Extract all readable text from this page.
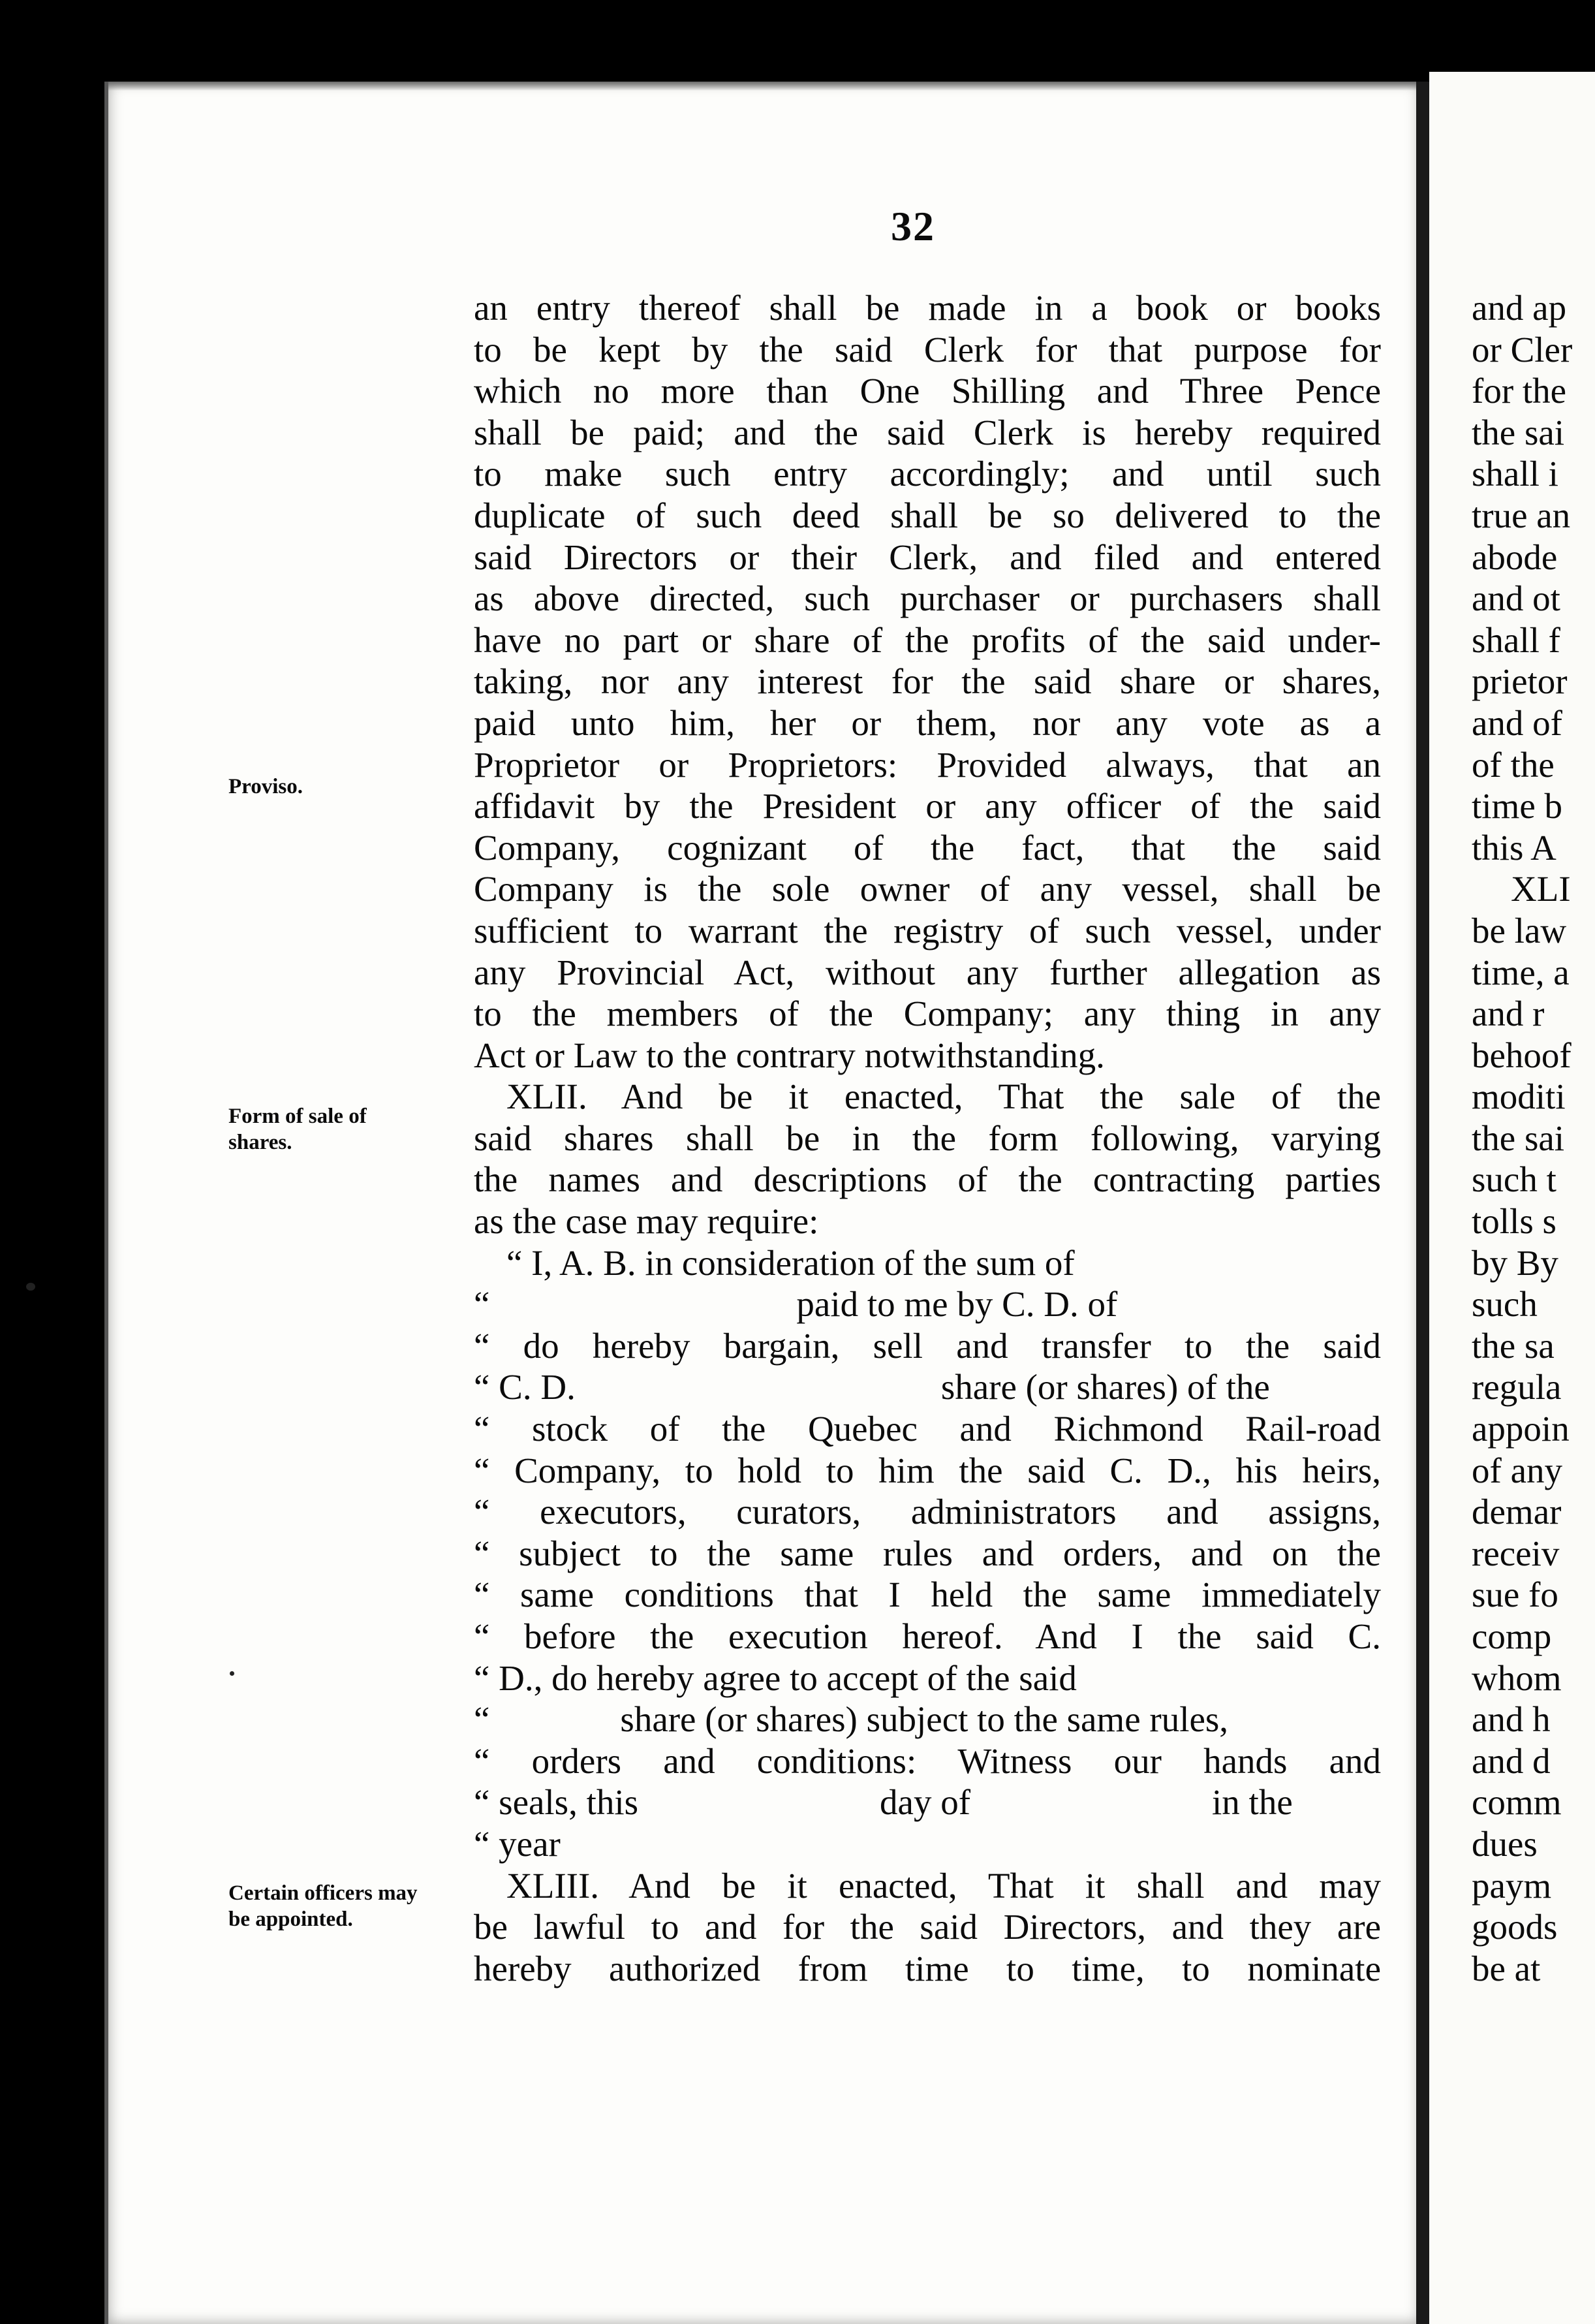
32
Proviso.
Form of sale of
shares.
Certain officers may
be appointed.
an entry thereof shall be made in a book or books
to be kept by the said Clerk for that purpose for
which no more than One Shilling and Three Pence
shall be paid; and the said Clerk is hereby required
to make such entry accordingly; and until such
duplicate of such deed shall be so delivered to the
said Directors or their Clerk, and filed and entered
as above directed, such purchaser or purchasers shall
have no part or share of the profits of the said under-
taking, nor any interest for the said share or shares,
paid unto him, her or them, nor any vote as a
Proprietor or Proprietors: Provided always, that an
affidavit by the President or any officer of the said
Company, cognizant of the fact, that the said
Company is the sole owner of any vessel, shall be
sufficient to warrant the registry of such vessel, under
any Provincial Act, without any further allegation as
to the members of the Company; any thing in any
Act or Law to the contrary notwithstanding.
XLII. And be it enacted, That the sale of the
said shares shall be in the form following, varying
the names and descriptions of the contracting parties
as the case may require:
“ I, A. B. in consideration of the sum of
“	paid to me by C. D. of
“ do hereby bargain, sell and transfer to the said
“ C. D.	share (or shares) of the
“ stock of the Quebec and Richmond Rail-road
“ Company, to hold to him the said C. D., his heirs,
“ executors, curators, administrators and assigns,
“ subject to the same rules and orders, and on the
“ same conditions that I held the same immediately
“ before the execution hereof. And I the said C.
“ D., do hereby agree to accept of the said
“	share (or shares) subject to the same rules,
“ orders and conditions: Witness our hands and
“ seals, this	day of	in the
“ year
XLIII. And be it enacted, That it shall and may
be lawful to and for the said Directors, and they are
hereby authorized from time to time, to nominate
and ap
or Cler
for the
the sai
shall i
true an
abode
and ot
shall f
prietor
and of
of the
time b
this A
XLI
be law
time, a
and r
behoof
moditi
the sai
such t
tolls s
by By
such
the sa
regula
appoin
of any
demar
receiv
sue fo
comp
whom
and h
and d
comm
dues
paym
goods
be at
